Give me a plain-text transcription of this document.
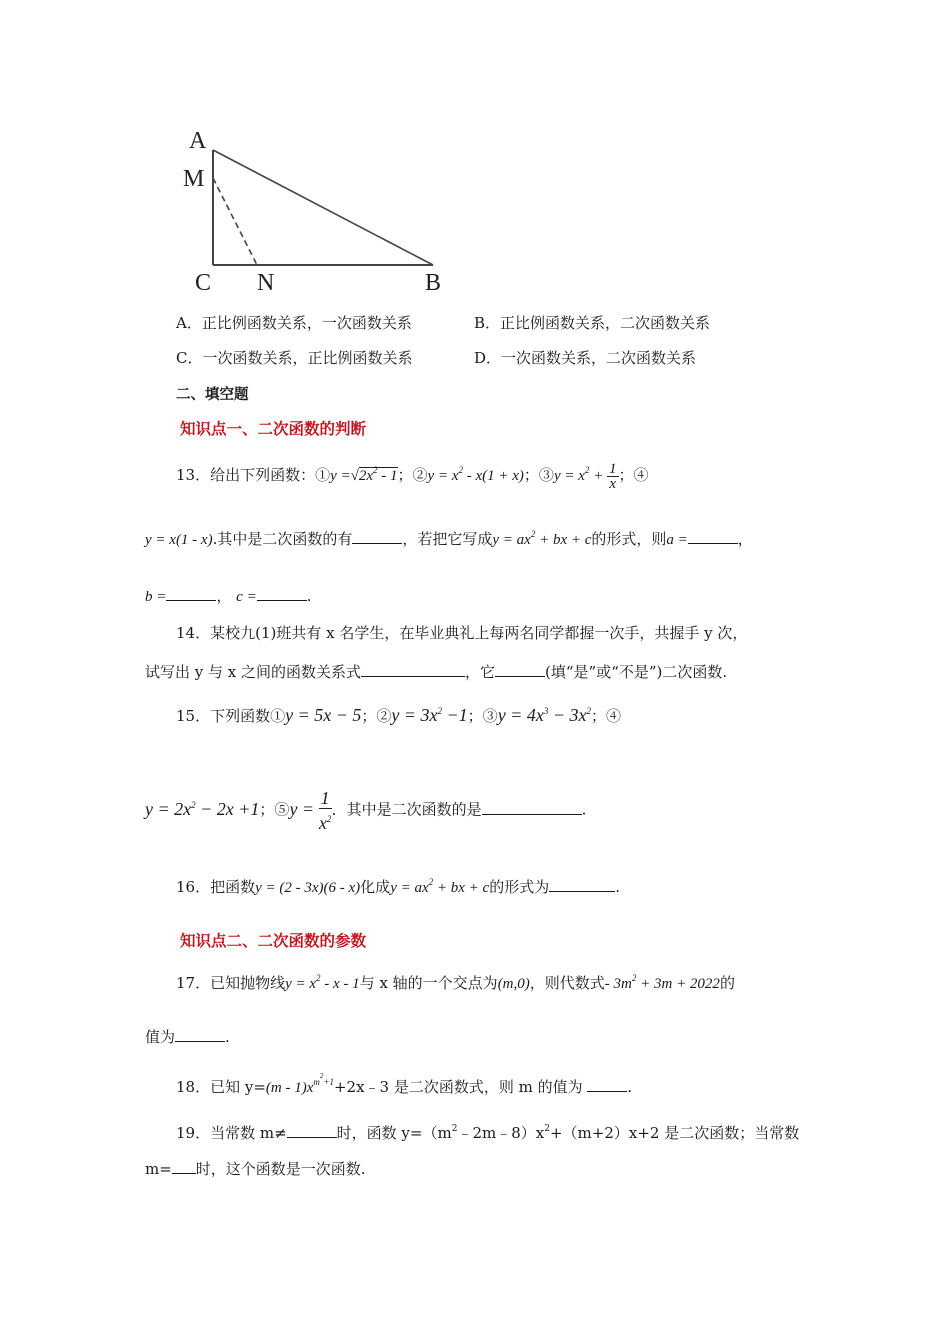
A
M
C N	B
A．正比例函数关系，一次函数关系	B．正比例函数关系，二次函数关系
C．一次函数关系，正比例函数关系	D．一次函数关系，二次函数关系
二、填空题
知识点一、二次函数的判断
13．给出下列函数：①y $=√2x^2 - 1$；②y = $x^2 - x(1 + x)$；③y = $x^2 + \frac{1}{x}$ ；④
y = x(1 - x).其中是二次函数的有	，若把它写成$y = ax^2$ + bx + c的形式，则a =	，
b =	， c =	.
14．某校九(1)班共有 x 名学生，在毕业典礼上每两名同学都握一次手，共握手 y 次，
试写出 y 与 x 之间的函数关系式	，它	(填“是”或“不是”)二次函数.
15．下列函数①y = 5x − 5；②y = $3x^2 -1$；③y = $4x^3 - 3x^2$；④
$y = 2x^2 - 2x +1$；⑤y = $\frac{1}{x^2}$ ．其中是二次函数的是	.
16．把函数y = (2 - 3x)(6 - x)化成$y = ax^2$ + bx + c的形式为	.
知识点二、二次函数的参数
17．已知抛物线$y = x^2 - x - 1$与 x 轴的一个交点为(m,0)，则代数式- $3m^2 + 3m + 2022$的
值为	.
18．已知 $y=(m - 1)x^{m^2+1}+2x﹣3$ 是二次函数式，则 m 的值为	.
19．当常数 m≠	时，函数 $y=(m^2﹣2m﹣8)x^2+(m+2)x+2$ 是二次函数；当常数
m= 时，这个函数是一次函数.
